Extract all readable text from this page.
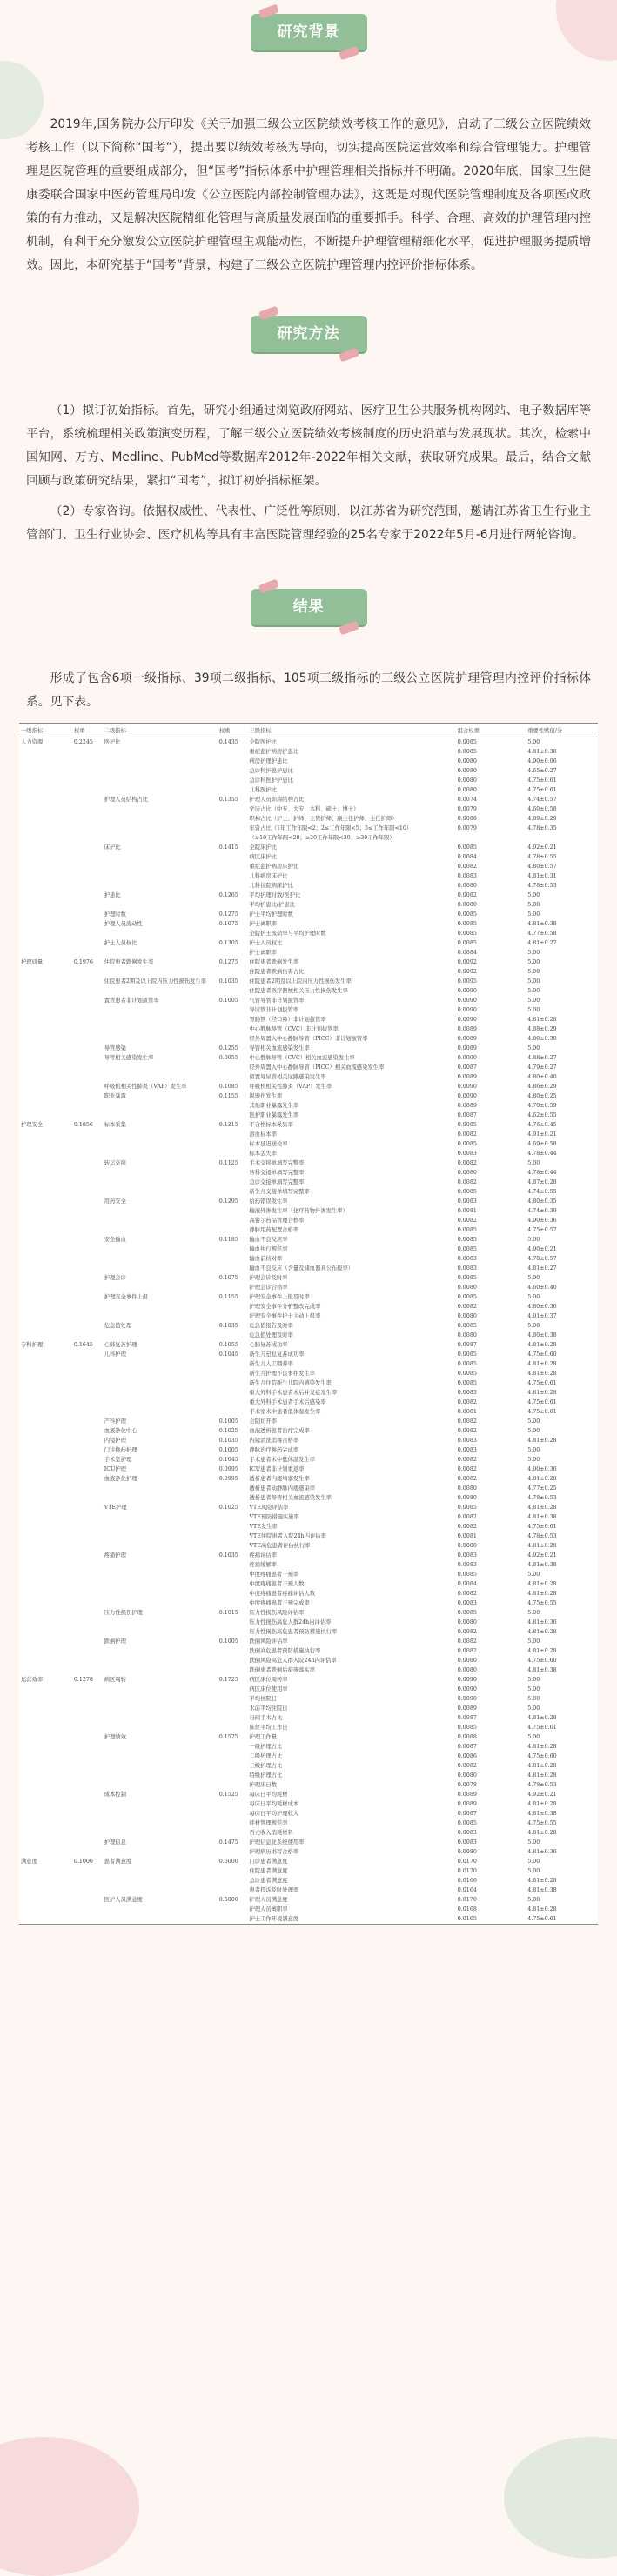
研究背景

2019年,国务院办公厅印发《关于加强三级公立医院绩效考核工作的意见》，启动了三级公立医院绩效考核工作（以下简称“国考”），提出要以绩效考核为导向，切实提高医院运营效率和综合管理能力。护理管理是医院管理的重要组成部分，但“国考”指标体系中护理管理相关指标并不明确。2020年底，国家卫生健康委联合国家中医药管理局印发《公立医院内部控制管理办法》，这既是对现代医院管理制度及各项医改政策的有力推动，又是解决医院精细化管理与高质量发展面临的重要抓手。科学、合理、高效的护理管理内控机制，有利于充分激发公立医院护理管理主观能动性，不断提升护理管理精细化水平，促进护理服务提质增效。因此，本研究基于“国考”背景，构建了三级公立医院护理管理内控评价指标体系。

研究方法

（1）拟订初始指标。首先，研究小组通过浏览政府网站、医疗卫生公共服务机构网站、电子数据库等平台，系统梳理相关政策演变历程，了解三级公立医院绩效考核制度的历史沿革与发展现状。其次，检索中国知网、万方、Medline、PubMed等数据库2012年-2022年相关文献，获取研究成果。最后，结合文献回顾与政策研究结果，紧扣“国考”，拟订初始指标框架。

（2）专家咨询。依据权威性、代表性、广泛性等原则，以江苏省为研究范围，邀请江苏省卫生行业主管部门、卫生行业协会、医疗机构等具有丰富医院管理经验的25名专家于2022年5月-6月进行两轮咨询。

结果

形成了包含6项一级指标、39项二级指标、105项三级指标的三级公立医院护理管理内控评价指标体系。见下表。

一级指标	权重	二级指标	权重	三级指标	组合权重	重要性赋值/分
人力资源	0.2245	医护比	0.1435	全院医护比	0.0085	5.00
				重症监护病房护患比	0.0085	4.81±0.38
				病房护理护患比	0.0080	4.90±0.06
				急诊科护患护患比	0.0080	4.65±0.27
				急诊科医护护患比	0.0080	4.75±0.61
				儿科医护比	0.0080	4.75±0.61
		护理人员结构占比	0.1355	护理人员职称结构占比	0.0074	4.74±0.57
				学历占比（中专、大专、本科、硕士、博士）	0.0079	4.60±0.58
				职称占比（护士、护师、主管护师、副主任护师、主任护师）	0.0080	4.89±0.29
				年资占比（1年工作年限<2；2≤工作年限<5；5≤工作年限<10）	0.0079	4.78±0.35
				（≥10工作年限<20；≥20工作年限<30；≥30工作年限）		
		床护比	0.1415	全院床护比	0.0085	4.92±0.21
				病区床护比	0.0084	4.78±0.55
				重症监护病房床护比	0.0082	4.80±0.57
				儿科病房床护比	0.0083	4.81±0.31
				儿科住院病床护比	0.0080	4.78±0.53
		护患比	0.1265	平均护理时数/医护比	0.0082	5.00
				平均护患比/护患比	0.0080	5.00
		护理时数	0.1275	护士平均护理时数	0.0085	5.00
		护理人员流动性	0.1075	护士离职率	0.0085	4.81±0.38
				全院护士流动率与平均护理时数	0.0085	4.77±0.58
		护士人员权比	0.1305	护士人员权比	0.0085	4.81±0.27
				护士离职率	0.0084	5.00
护理质量	0.1976	住院患者跌倒发生率	0.1275	住院患者跌倒发生率	0.0092	5.00
				住院患者跌倒伤害占比	0.0092	5.00
		住院患者2期及以上院内压力性损伤发生率	0.1035	住院患者2期及以上院内压力性损伤发生率	0.0095	5.00
				住院患者医疗器械相关压力性损伤发生率	0.0090	5.00
		置管患者非计划拔管率	0.1005	气管导管非计划拔管率	0.0090	5.00
				导尿管非计划拔管率	0.0090	5.00
				胃肠管（经口鼻）非计划拔管率	0.0090	4.81±0.28
				中心静脉导管（CVC）非计划拔管率	0.0089	4.88±0.29
				经外周置入中心静脉导管（PICC）非计划拔管率	0.0089	4.80±0.30
		导管感染	0.1255	导管相关血流感染发生率	0.0089	5.00
		导管相关感染发生率	0.0955	中心静脉导管（CVC）相关血流感染发生率	0.0090	4.88±0.27
				经外周置入中心静脉导管（PICC）相关血流感染发生率	0.0087	4.79±0.27
				留置导尿管相关尿路感染发生率	0.0089	4.80±0.40
		呼吸机相关性肺炎（VAP）发生率	0.1085	呼吸机相关性肺炎（VAP）发生率	0.0090	4.86±0.29
		职业暴露	0.1155	锐器伤发生率	0.0090	4.80±0.25
				其他职业暴露发生率	0.0089	4.70±0.59
				医护职业暴露发生率	0.0087	4.62±0.55
护理安全	0.1856	标本采集	0.1215	不合格标本采集率	0.0085	4.76±0.45
				溶血标本率	0.0082	4.91±0.21
				标本延迟送检率	0.0085	4.69±0.58
				标本丢失率	0.0083	4.78±0.44
		转运交接	0.1125	手术交接单填写完整率	0.0082	5.00
				转科交接单填写完整率	0.0080	4.78±0.44
				急诊交接单填写完整率	0.0082	4.87±0.28
				新生儿交接单填写完整率	0.0085	4.74±0.55
		用药安全	0.1295	给药错误发生率	0.0083	4.80±0.35
				输液外渗发生率（化疗药物外渗发生率）	0.0081	4.74±0.39
				高警示药品管理合格率	0.0082	4.90±0.36
				静脉用药配置合格率	0.0085	4.75±0.57
		安全输血	0.1185	输血不良反应率	0.0085	5.00
				输血执行规范率	0.0085	4.90±0.21
				输血前核对率	0.0083	4.78±0.57
				输血不良反应（含量及储血器具公布报率）	0.0083	4.81±0.27
		护理会诊	0.1075	护理会诊及时率	0.0085	5.00
				护理会诊合格率	0.0080	4.60±0.40
		护理安全事件上报	0.1155	护理安全事件上报及时率	0.0085	5.00
				护理安全事件分析整改完成率	0.0082	4.80±0.36
				护理安全事件护士主动上报率	0.0080	4.91±0.37
		危急值处理	0.1035	危急值报告及时率	0.0085	5.00
				危急值处理及时率	0.0080	4.80±0.38
专科护理	0.1645	心肺复苏护理	0.1055	心肺复苏成功率	0.0087	4.81±0.28
		儿科护理	0.1045	新生儿窒息复苏成功率	0.0085	4.75±0.60
				新生儿人工喂养率	0.0085	4.81±0.28
				新生儿护理不良事件发生率	0.0085	4.81±0.28
				新生儿住院新生儿院内感染发生率	0.0085	4.75±0.61
				重大外科手术患者术后并发症发生率	0.0083	4.81±0.28
				重大外科手术患者手术后感染率	0.0082	4.75±0.61
				手术室术中患者低体温发生率	0.0081	4.75±0.61
		产科护理	0.1005	会阴切开率	0.0082	5.00
		血液净化中心	0.1025	血液透析患者治疗完成率	0.0082	5.00
		内镜护理	0.1035	内镜清洗消毒合格率	0.0083	4.81±0.28
		门诊换药护理	0.1005	静脉治疗换药完成率	0.0083	5.00
		手术室护理	0.1045	手术患者术中低体温发生率	0.0082	5.00
		ICU护理	0.0995	ICU患者非计划重返率	0.0082	4.90±0.36
		血液净化护理	0.0995	透析患者内瘘堵塞发生率	0.0082	4.81±0.28
				透析患者动静脉内瘘感染率	0.0080	4.77±0.25
				透析患者导管相关血流感染发生率	0.0080	4.78±0.53
		VTE护理	0.1025	VTE风险评估率	0.0085	4.81±0.28
				VTE预防措施实施率	0.0082	4.81±0.38
				VTE发生率	0.0082	4.75±0.61
				VTE住院患者入院24h内评估率	0.0081	4.78±0.53
				VTE高危患者评估执行率	0.0080	4.81±0.28
		疼痛护理	0.1035	疼痛评估率	0.0083	4.92±0.21
				疼痛缓解率	0.0083	4.81±0.38
				中度疼痛患者干预率	0.0085	5.00
				中度疼痛患者干预人数	0.0084	4.81±0.28
				中度疼痛患者疼痛评估人数	0.0082	4.81±0.28
				中度疼痛患者干预完成率	0.0083	4.75±0.55
		压力性损伤护理	0.1015	压力性损伤风险评估率	0.0085	5.00
				压力性损伤高危人群24h内评估率	0.0080	4.81±0.36
				压力性损伤高危患者预防措施执行率	0.0082	4.81±0.28
		跌倒护理	0.1005	跌倒风险评估率	0.0082	5.00
				跌倒高危患者预防措施执行率	0.0082	4.81±0.28
				跌倒风险高危人群入院24h内评估率	0.0080	4.75±0.60
				跌倒患者跌倒后措施落实率	0.0080	4.81±0.38
运营效率	0.1278	病区周转	0.1725	病区床位周转率	0.0090	5.00
				病区床位使用率	0.0090	5.00
				平均住院日	0.0090	5.00
				术前平均住院日	0.0089	5.00
				日间手术占比	0.0087	4.81±0.28
				床位平均工作日	0.0085	4.75±0.61
		护理绩效	0.1575	护理工作量	0.0088	5.00
				一级护理占比	0.0087	4.81±0.28
				二级护理占比	0.0086	4.75±0.60
				三级护理占比	0.0082	4.81±0.28
				特级护理占比	0.0080	4.81±0.28
				护理床日数	0.0078	4.78±0.53
		成本控制	0.1525	每床日平均耗材	0.0089	4.92±0.21
				每床日平均耗材成本	0.0089	4.81±0.28
				每床日平均护理收入	0.0087	4.81±0.38
				耗材管理规范率	0.0085	4.75±0.55
				百元收入消耗材料	0.0083	4.81±0.28
		护理信息	0.1475	护理信息化系统使用率	0.0083	5.00
				护理病历书写合格率	0.0080	4.81±0.36
满意度	0.1000	患者满意度	0.5000	门诊患者满意度	0.0170	5.00
				住院患者满意度	0.0170	5.00
				急诊患者满意度	0.0166	4.81±0.28
				患者投诉及时处理率	0.0164	4.81±0.38
		医护人员满意度	0.5000	护理人员满意度	0.0170	5.00
				护理人员离职率	0.0168	4.81±0.28
				护士工作环境满意度	0.0165	4.75±0.61
